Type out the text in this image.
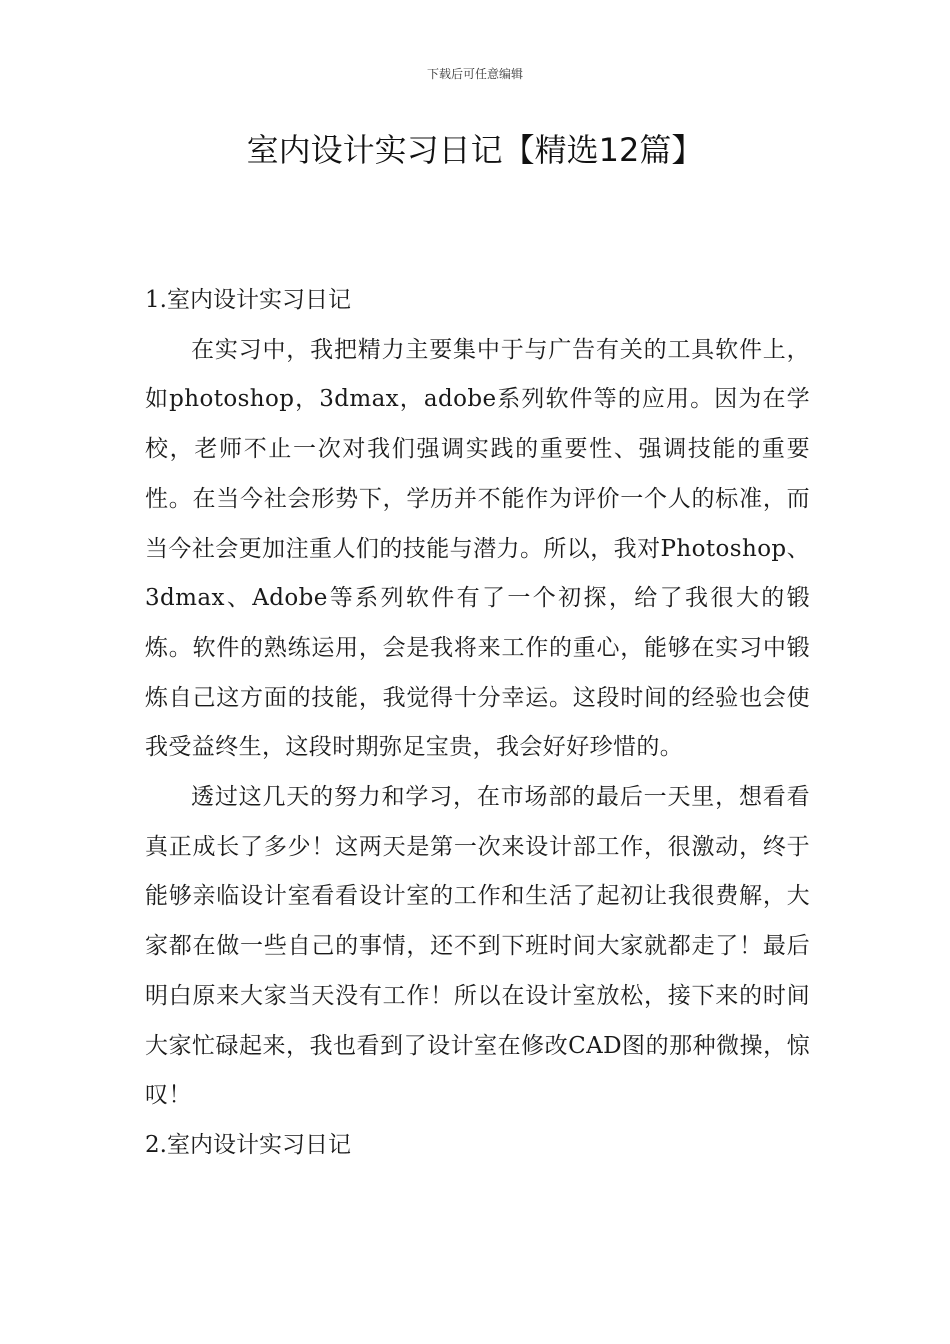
下载后可任意编辑
室内设计实习日记【精选12篇】
1.室内设计实习日记

在实习中，我把精力主要集中于与广告有关的工具软件上，如photoshop，3dmax，adobe系列软件等的应用。因为在学校，老师不止一次对我们强调实践的重要性、强调技能的重要性。在当今社会形势下，学历并不能作为评价一个人的标准，而当今社会更加注重人们的技能与潜力。所以，我对Photoshop、3dmax、Adobe等系列软件有了一个初探，给了我很大的锻炼。软件的熟练运用，会是我将来工作的重心，能够在实习中锻炼自己这方面的技能，我觉得十分幸运。这段时间的经验也会使我受益终生，这段时期弥足宝贵，我会好好珍惜的。

透过这几天的努力和学习，在市场部的最后一天里，想看看真正成长了多少！这两天是第一次来设计部工作，很激动，终于能够亲临设计室看看设计室的工作和生活了起初让我很费解，大家都在做一些自己的事情，还不到下班时间大家就都走了！最后明白原来大家当天没有工作！所以在设计室放松，接下来的时间大家忙碌起来，我也看到了设计室在修改CAD图的那种微操，惊叹！

2.室内设计实习日记
